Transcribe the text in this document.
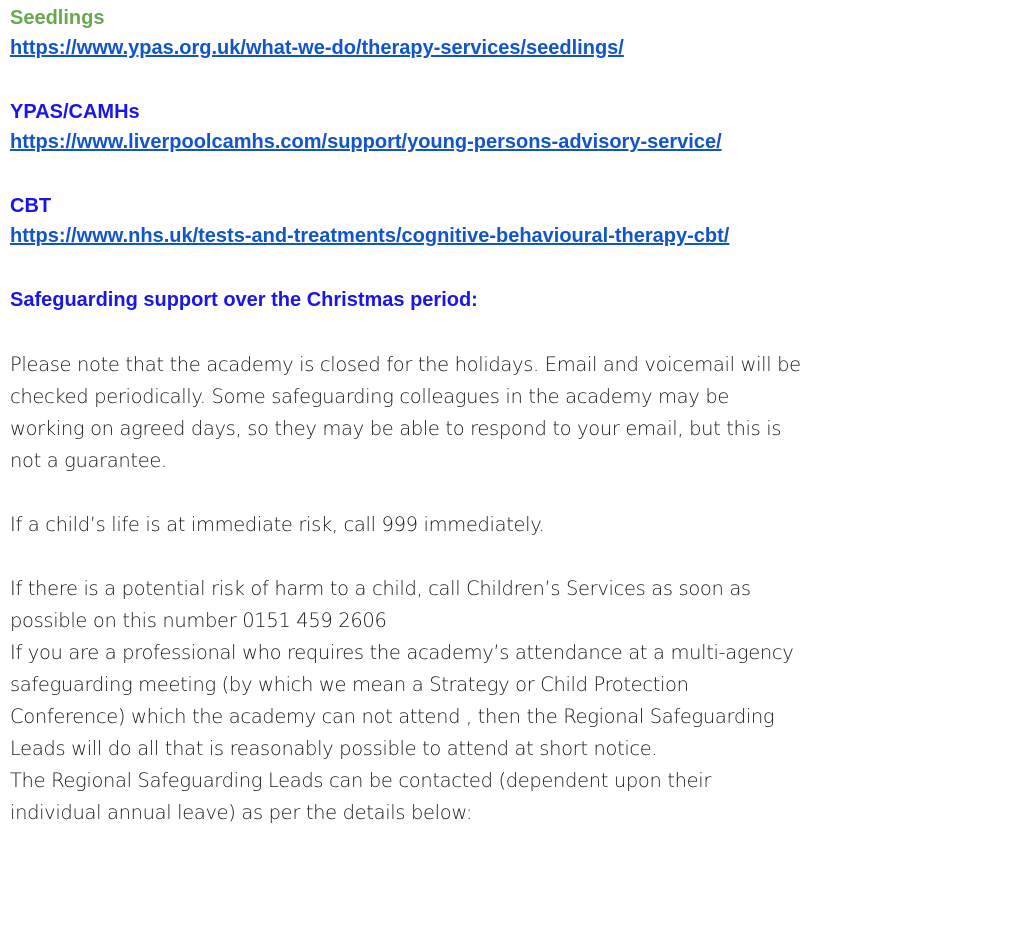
Seedlings

https://www.ypas.org.uk/what-we-do/therapy-services/seedlings/

YPAS/CAMHs

https://www.liverpoolcamhs.com/support/young-persons-advisory-service/

CBT

https://www.nhs.uk/tests-and-treatments/cognitive-behavioural-therapy-cbt/

Safeguarding support over the Christmas period:

Please note that the academy is closed for the holidays. Email and voicemail will be
checked periodically. Some safeguarding colleagues in the academy may be
working on agreed days, so they may be able to respond to your email, but this is
not a guarantee.

If a child’s life is at immediate risk, call 999 immediately.

If there is a potential risk of harm to a child, call Children’s Services as soon as
possible on this number 0151 459 2606
If you are a professional who requires the academy’s attendance at a multi-agency
safeguarding meeting (by which we mean a Strategy or Child Protection
Conference) which the academy can not attend , then the Regional Safeguarding
Leads will do all that is reasonably possible to attend at short notice.
The Regional Safeguarding Leads can be contacted (dependent upon their
individual annual leave) as per the details below:
